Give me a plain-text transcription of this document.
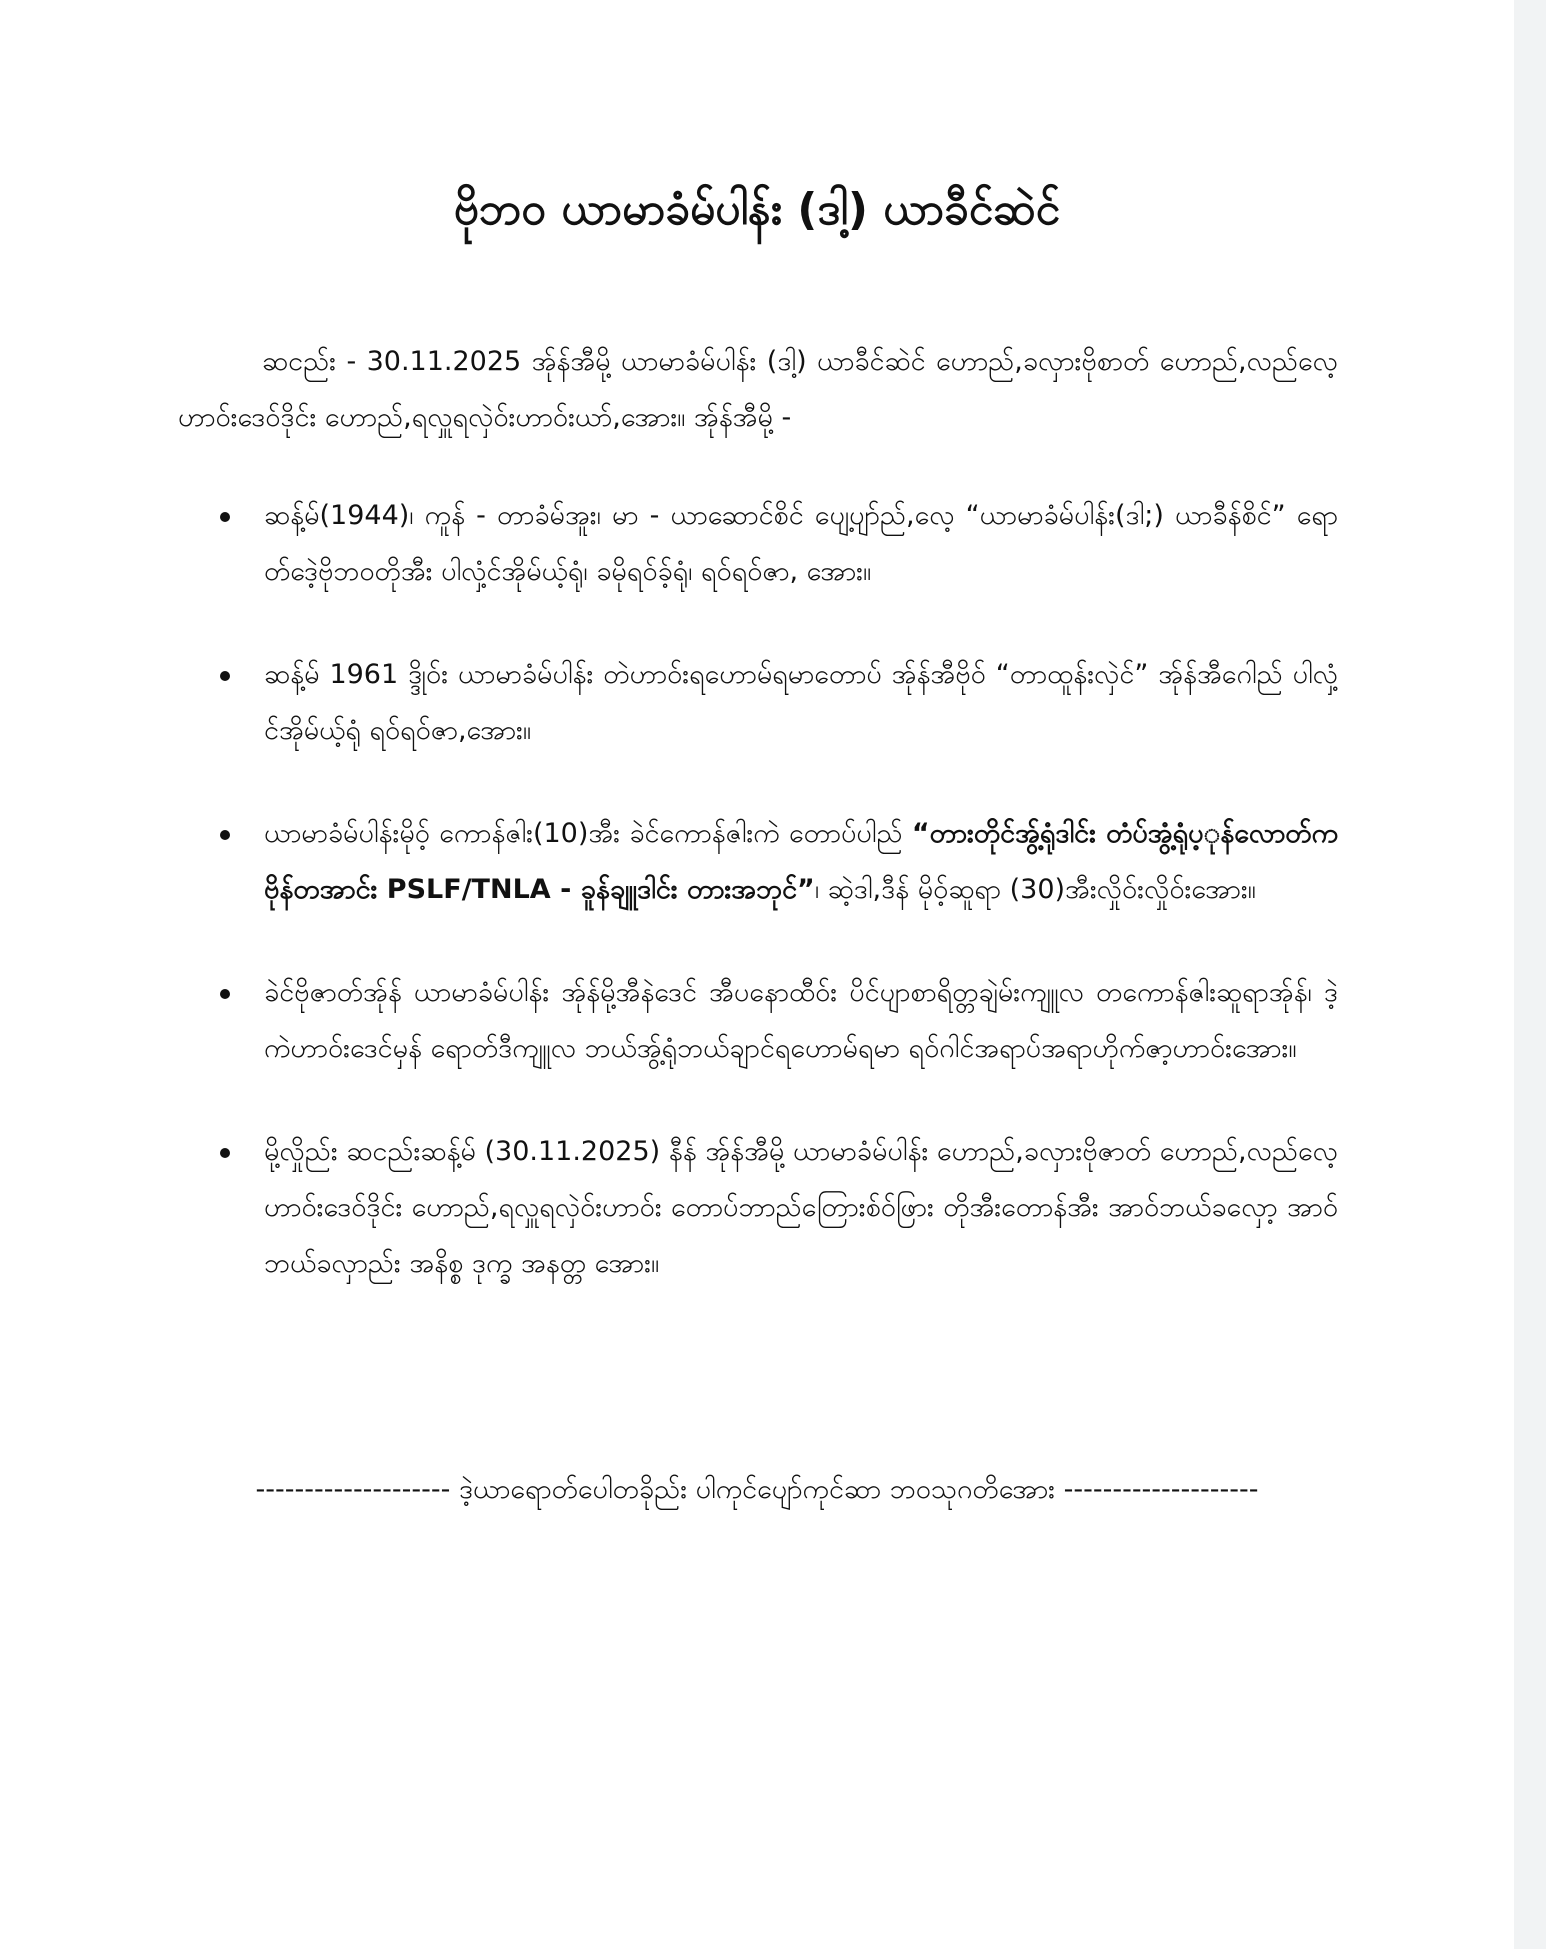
ဗိုဘဝ ယာမာခံမ်ပါန်း (ဒါ့) ယာခီင်ဆဲင်

ဆငည်း - 30.11.2025 အ်ုန်အီမို့ ယာမာခံမ်ပါန်း (ဒါ့) ယာခီင်ဆဲင် ဟောည်,ခလှား‌ဗိုစာတ် ဟောည်,လည်လေ့ဟာဝ်း‌ဒေဝ်ဒိုင်း ဟောည်,ရလှူရလှဲဝ်းဟာဝ်းယာ်,အေား။ အ်ုန်အီမို့ -

ဆန့်မ်(1944)၊ ကူန် - တာခံမ်အူး၊ မာ - ယာဆောင်စိင် ပျေ့ပျာ်ည်,လေ့ “ယာမာခံမ်ပါန်း(ဒါ;) ယာခီန်စိင်” ရောတ်‌ဒေဲ့‌ဗိုဘဝတိုအီး ပါလှံ့င်အိုမ်ယ့်ရုံ၊ ခမိုရဝ်ခ့်ရုံ၊ ရဝ်ရဝ်ဇာ, အေား။
ဆန့်မ် 1961 ဒ္ဒိုဝ်း ယာမာခံမ်ပါန်း တဲဟာဝ်းရဟောမ်ရမာတောပ် အ်ုန်အီ‌ဗိုဝ် “တာထူန်းလှဲင်” အ်ုန်အီဂေါည် ပါလှံ့င်အိုမ်ယ့်ရုံ ရဝ်ရဝ်ဇာ,အေား။
ယာမာခံမ်ပါန်းမိုဝ့် ကောန်ဇါး(10)အီး ခဲင်ကောန်ဇါးကဲ တောပ်ပါည် “တားတိုင်အွ့်ရုံဒါင်း တံပ်အွံ့ရုံပ့ုန်လောတ်ကဗိုန်တအာင်း PSLF/TNLA - ခူန်ချူဒါင်း တားအဘုင်”၊ ဆဲ့ဒါ,ဒီန် မိုဝ့်ဆူရာ (30)အီးလှိုဝ်းလှိုဝ်းအေား။
ခဲင်ဗိုဇာတ်အ်ုန် ယာမာခံမ်ပါန်း အ်ုန်မို့အီနဲဒေင် အီပနောထီဝ်း ပိင်ပျာစာရိတ္တချဲမ်းကျူလ တကောန်ဇါးဆူရာအ်ုန်၊ ဒဲ့ကဲဟာဝ်းဒေင်မှန် ရောတ်ဒီကျူလ ဘယ်အွ့်ရုံဘယ်ချာင်ရဟောမ်ရမာ ရဝ်ဂါင်အရာပ်အရာဟိုက်ဇာ့ဟာဝ်းအေား။
မို့လှိုည်း ဆငည်းဆန့်မ် (30.11.2025) နီန် အ်ုန်အီမို့ ယာမာခံမ်ပါန်း ဟောည်,ခလှား‌ဗိုဇာတ် ဟောည်,လည်လေ့ဟာဝ်း‌ဒေဝ်ဒိုင်း ဟောည်,ရလှူရလှဲဝ်းဟာဝ်း တောပ်ဘာည်တြေားစ်ဝ်ဖြား တိုအီးတောန်အီး အာဝ်ဘယ်ခလှော့ အာဝ်ဘယ်ခလှာည်း အနိစ္စ ဒုက္ခ အနတ္တ အေား။
-------------------- ဒဲ့ယာရောတ်ပေါတခိုည်း ပါကုင်ပျော်ကုင်ဆာ ဘဝသုဂတိအေား --------------------
